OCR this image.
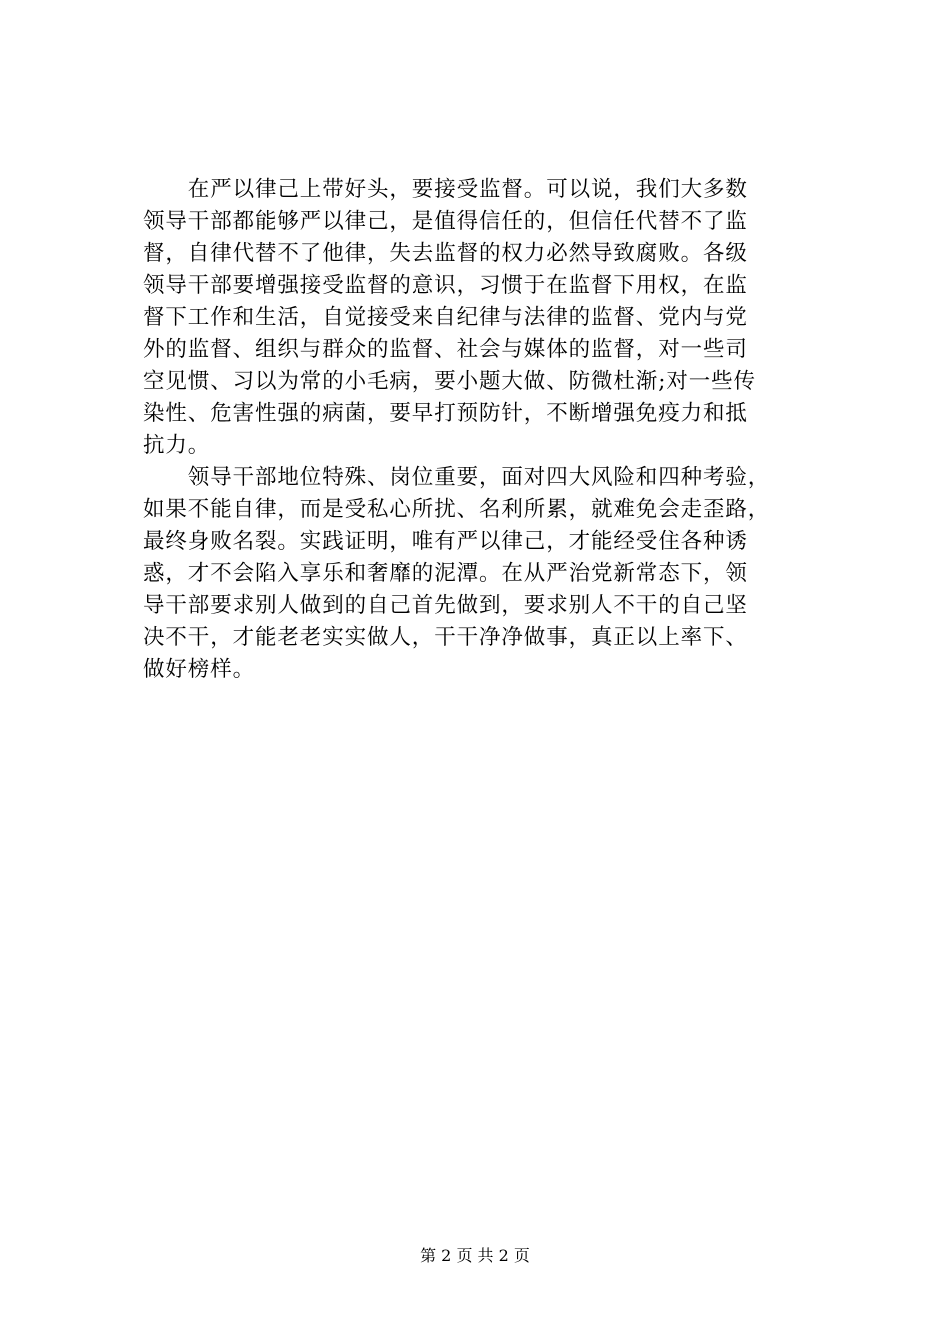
　　在严以律己上带好头，要接受监督。可以说，我们大多数
领导干部都能够严以律己，是值得信任的，但信任代替不了监
督，自律代替不了他律，失去监督的权力必然导致腐败。各级
领导干部要增强接受监督的意识，习惯于在监督下用权，在监
督下工作和生活，自觉接受来自纪律与法律的监督、党内与党
外的监督、组织与群众的监督、社会与媒体的监督，对一些司
空见惯、习以为常的小毛病，要小题大做、防微杜渐;对一些传
染性、危害性强的病菌，要早打预防针，不断增强免疫力和抵
抗力。
　　领导干部地位特殊、岗位重要，面对四大风险和四种考验，
如果不能自律，而是受私心所扰、名利所累，就难免会走歪路，
最终身败名裂。实践证明，唯有严以律己，才能经受住各种诱
惑，才不会陷入享乐和奢靡的泥潭。在从严治党新常态下，领
导干部要求别人做到的自己首先做到，要求别人不干的自己坚
决不干，才能老老实实做人，干干净净做事，真正以上率下、
做好榜样。
第 2 页 共 2 页
